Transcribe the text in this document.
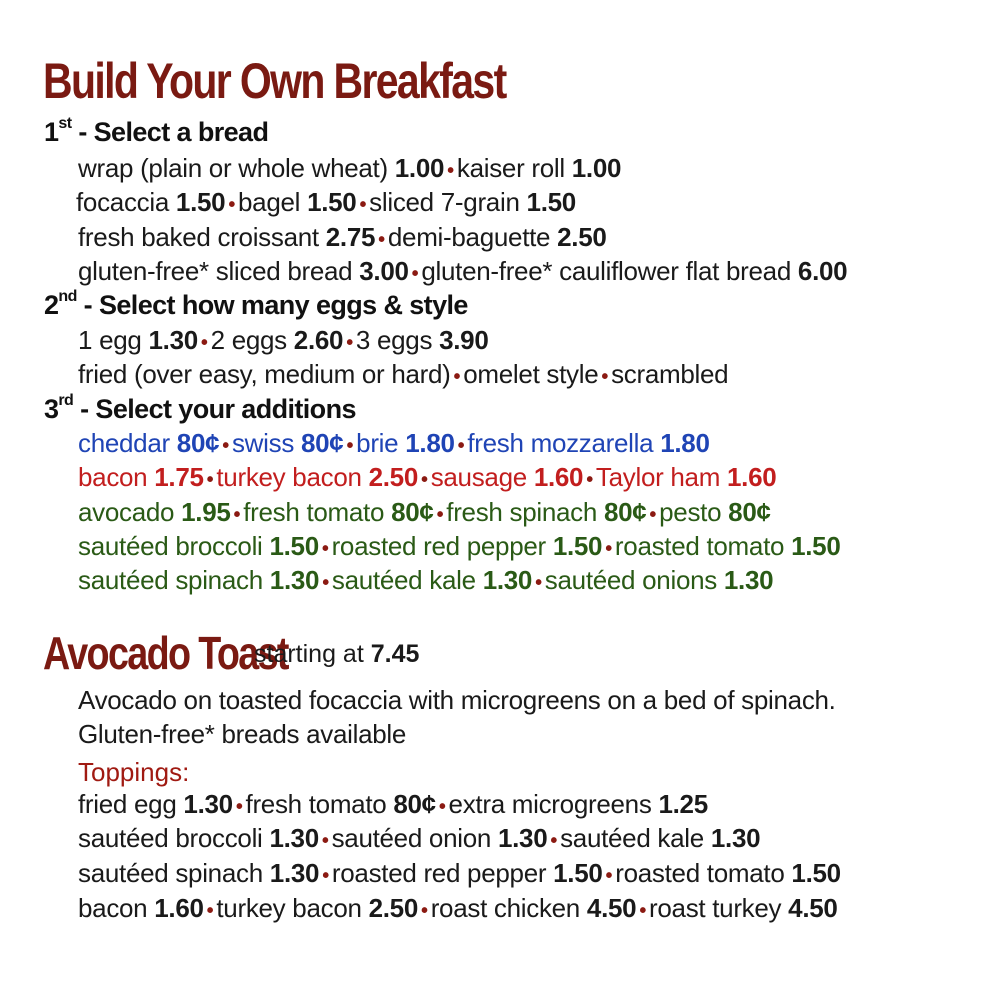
Build Your Own Breakfast
1st - Select a bread
wrap (plain or whole wheat) 1.00 • kaiser roll 1.00
focaccia 1.50 • bagel 1.50 • sliced 7-grain 1.50
fresh baked croissant 2.75 • demi-baguette 2.50
gluten-free* sliced bread 3.00 • gluten-free* cauliflower flat bread 6.00
2nd - Select how many eggs & style
1 egg 1.30 • 2 eggs 2.60 • 3 eggs 3.90
fried (over easy, medium or hard) • omelet style • scrambled
3rd - Select your additions
cheddar 80¢ • swiss 80¢ • brie 1.80 • fresh mozzarella 1.80
bacon 1.75 • turkey bacon 2.50 • sausage 1.60 • Taylor ham 1.60
avocado 1.95 • fresh tomato 80¢ • fresh spinach 80¢ • pesto 80¢
sautéed broccoli 1.50 • roasted red pepper 1.50 • roasted tomato 1.50
sautéed spinach 1.30 • sautéed kale 1.30 • sautéed onions 1.30
Avocado Toast
starting at 7.45

Avocado on toasted focaccia with microgreens on a bed of spinach.

Gluten-free* breads available

Toppings:

fried egg 1.30 • fresh tomato 80¢ • extra microgreens 1.25
sautéed broccoli 1.30 • sautéed onion 1.30 • sautéed kale 1.30
sautéed spinach 1.30 • roasted red pepper 1.50 • roasted tomato 1.50
bacon 1.60 • turkey bacon 2.50 • roast chicken 4.50 • roast turkey 4.50
